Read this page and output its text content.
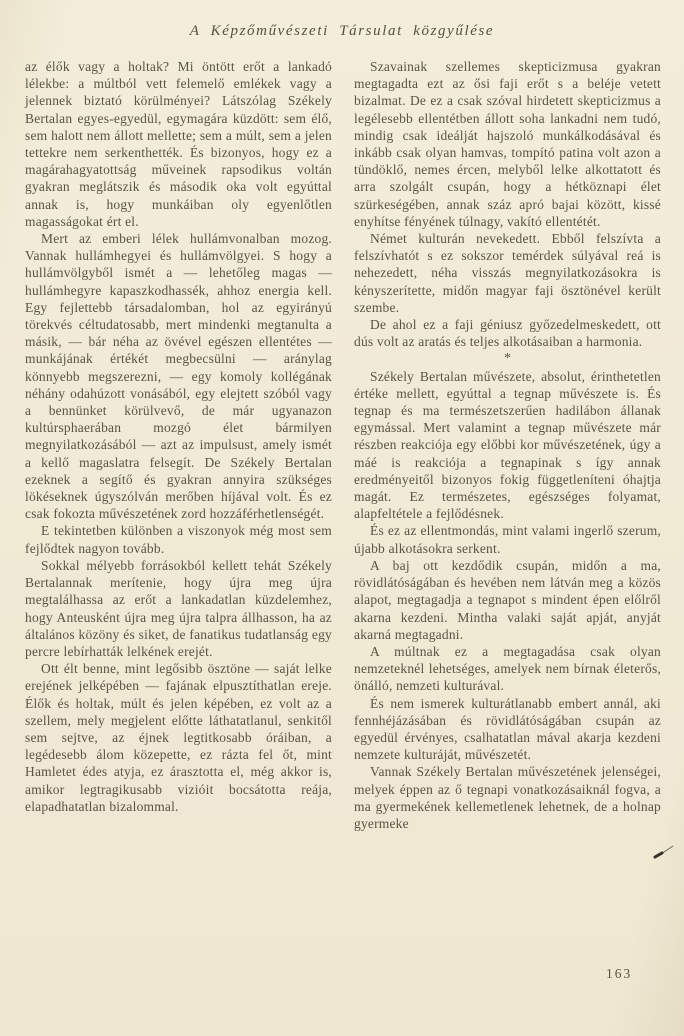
A Képzőművészeti Társulat közgyűlése

az élők vagy a holtak? Mi öntött erőt a lankadó lélekbe: a múltból vett felemelő emlékek vagy a jelennek biztató körülményei? Látszólag Székely Bertalan egyes-egyedül, egymagára küzdött: sem élő, sem halott nem állott mellette; sem a múlt, sem a jelen tettekre nem serkenthették. És bizonyos, hogy ez a magárahagyatottság műveinek rapsodikus voltán gyakran meglátszik és második oka volt egyúttal annak is, hogy munkáiban oly egyenlőtlen magasságokat ért el.

Mert az emberi lélek hullámvonalban mozog. Vannak hullámhegyei és hullámvölgyei. S hogy a hullámvölgyből ismét a — lehetőleg magas — hullámhegyre kapaszkodhassék, ahhoz energia kell. Egy fejlettebb társadalomban, hol az egyirányú törekvés céltudatosabb, mert mindenki megtanulta a másik, — bár néha az övével egészen ellentétes — munkájának értékét megbecsülni — aránylag könnyebb megszerezni, — egy komoly kollégának néhány odahúzott vonásából, egy elejtett szóból vagy a bennünket körülvevő, de már ugyanazon kultúrsphaerában mozgó élet bármilyen megnyilatkozásából — azt az impulsust, amely ismét a kellő magaslatra felsegít. De Székely Bertalan ezeknek a segítő és gyakran annyira szükséges lökéseknek úgyszólván merőben híjával volt. És ez csak fokozta művészetének zord hozzáférhetlenségét.

E tekintetben különben a viszonyok még most sem fejlődtek nagyon tovább.

Sokkal mélyebb forrásokból kellett tehát Székely Bertalannak merítenie, hogy újra meg újra megtalálhassa az erőt a lankadatlan küzdelemhez, hogy Anteusként újra meg újra talpra állhasson, ha az általános közöny és siket, de fanatikus tudatlanság egy percre lebírhatták lelkének erejét.

Ott élt benne, mint legősibb ösztöne — saját lelke erejének jelképében — fajának elpusztíthatlan ereje. Élők és holtak, múlt és jelen képében, ez volt az a szellem, mely megjelent előtte láthatatlanul, senkitől sem sejtve, az éjnek legtitkosabb óráiban, a legédesebb álom közepette, ez rázta fel őt, mint Hamletet édes atyja, ez árasztotta el, még akkor is, amikor legtragikusabb vizióit bocsátotta reája, elapadhatatlan bizalommal.

Szavainak szellemes skepticizmusa gyakran megtagadta ezt az ősi faji erőt s a beléje vetett bizalmat. De ez a csak szóval hirdetett skepticizmus a legélesebb ellentétben állott soha lankadni nem tudó, mindig csak ideálját hajszoló munkálkodásával és inkább csak olyan hamvas, tompító patina volt azon a tündöklő, nemes ércen, melyből lelke alkottatott és arra szolgált csupán, hogy a hétköznapi élet szürkeségében, annak száz apró bajai között, kissé enyhítse fényének túlnagy, vakító ellentétét.

Német kulturán nevekedett. Ebből felszívta a felszívhatót s ez sokszor temérdek súlyával reá is nehezedett, néha visszás megnyilatkozásokra is kényszerítette, midőn magyar faji ösztönével került szembe.

De ahol ez a faji géniusz győzedelmeskedett, ott dús volt az aratás és teljes alkotásaiban a harmonia.

*

Székely Bertalan művészete, absolut, érinthetetlen értéke mellett, egyúttal a tegnap művészete is. És tegnap és ma természetszerűen hadilábon állanak egymással. Mert valamint a tegnap művészete már részben reakciója egy előbbi kor művészetének, úgy a máé is reakciója a tegnapinak s így annak eredményeitől bizonyos fokig függetleníteni óhajtja magát. Ez természetes, egészséges folyamat, alapfeltétele a fejlődésnek.

És ez az ellentmondás, mint valami ingerlő szerum, újabb alkotásokra serkent.

A baj ott kezdődik csupán, midőn a ma, rövidlátóságában és hevében nem látván meg a közös alapot, megtagadja a tegnapot s mindent épen előlről akarna kezdeni. Mintha valaki saját apját, anyját akarná megtagadni.

A múltnak ez a megtagadása csak olyan nemzeteknél lehetséges, amelyek nem bírnak életerős, önálló, nemzeti kulturával.

És nem ismerek kulturátlanabb embert annál, aki fennhéjázásában és rövidlátóságában csupán az egyedül érvényes, csalhatatlan mával akarja kezdeni nemzete kulturáját, művészetét.

Vannak Székely Bertalan művészetének jelenségei, melyek éppen az ő tegnapi vonatkozásaiknál fogva, a ma gyermekének kellemetlenek lehetnek, de a holnap gyermeke

163
